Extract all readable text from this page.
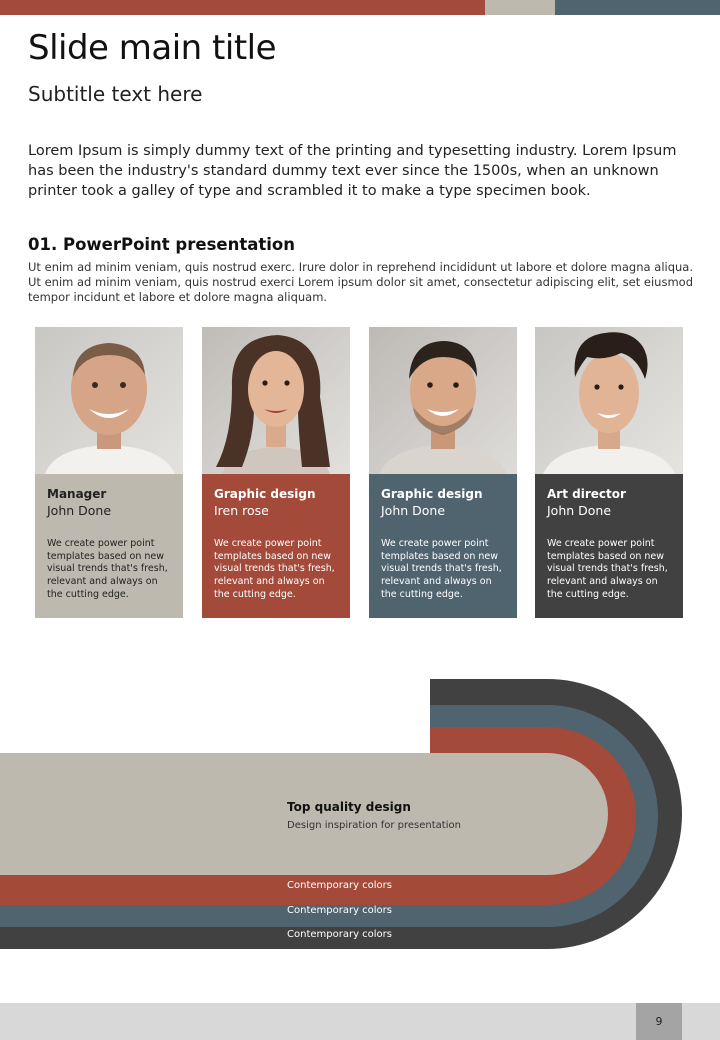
Slide main title
Subtitle text here
Lorem Ipsum is simply dummy text of the printing and typesetting industry. Lorem Ipsum has been the industry's standard dummy text ever since the 1500s, when an unknown printer took a galley of type and scrambled it to make a type specimen book.
01. PowerPoint presentation
Ut enim ad minim veniam, quis nostrud exerc. Irure dolor in reprehend incididunt ut labore et dolore magna aliqua. Ut enim ad minim veniam, quis nostrud exerci Lorem ipsum dolor sit amet, consectetur adipiscing elit, set eiusmod tempor incidunt et labore et dolore magna aliquam.
Manager
John Done
We create power point templates based on new visual trends that's fresh, relevant and always on the cutting edge.
Graphic design
Iren rose
We create power point templates based on new visual trends that's fresh, relevant and always on the cutting edge.
Graphic design
John Done
We create power point templates based on new visual trends that's fresh, relevant and always on the cutting edge.
Art director
John Done
We create power point templates based on new visual trends that's fresh, relevant and always on the cutting edge.
Top quality design
Design inspiration for presentation
Contemporary colors
Contemporary colors
Contemporary colors
9
